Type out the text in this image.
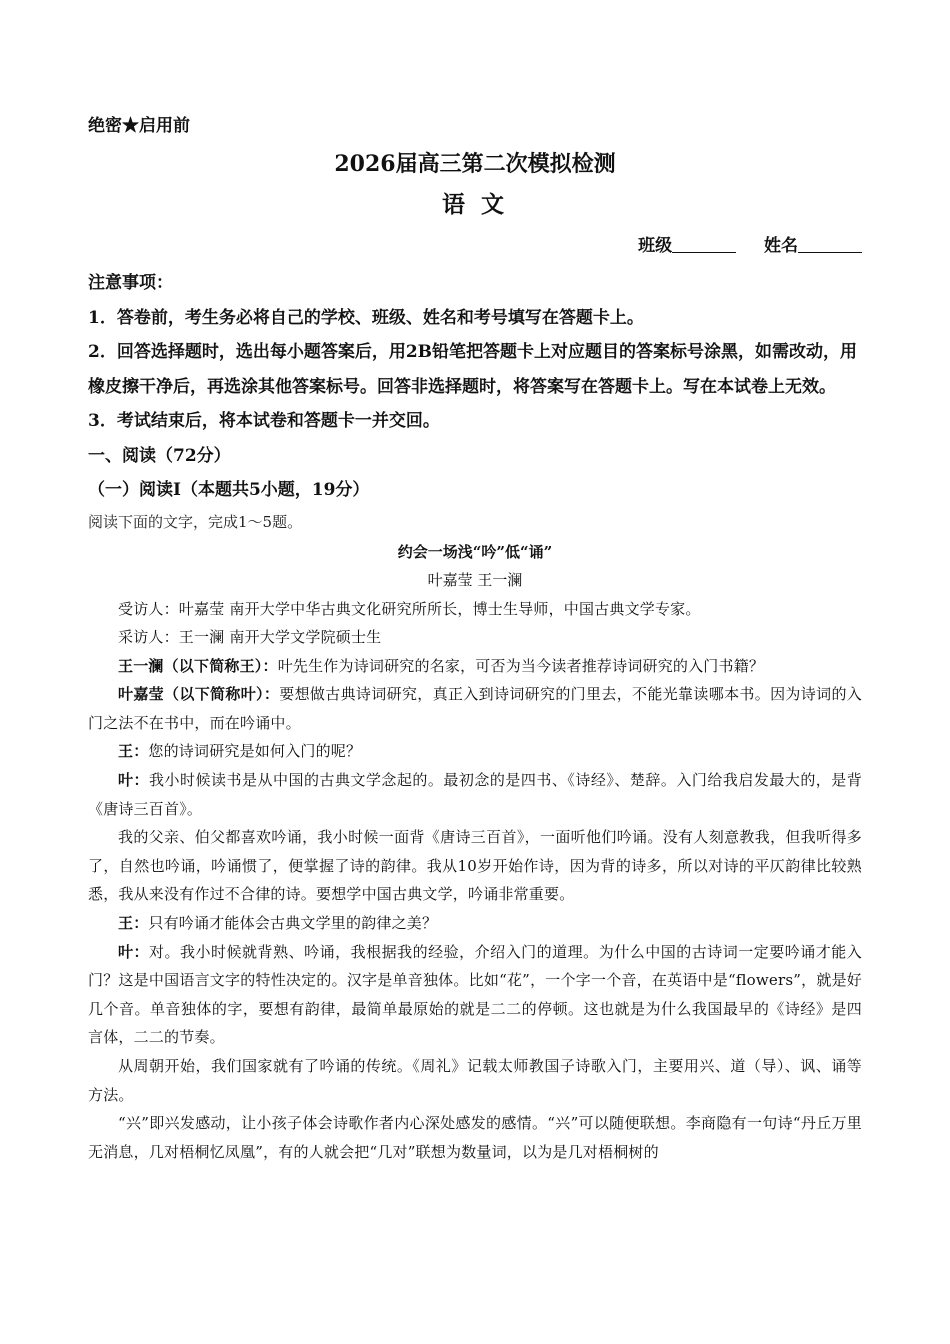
绝密★启用前
2026届高三第二次模拟检测
语 文
班级	姓名

注意事项：

1．答卷前，考生务必将自己的学校、班级、姓名和考号填写在答题卡上。

2．回答选择题时，选出每小题答案后，用2B铅笔把答题卡上对应题目的答案标号涂黑，如需改动，用橡皮擦干净后，再选涂其他答案标号。回答非选择题时，将答案写在答题卡上。写在本试卷上无效。

3．考试结束后，将本试卷和答题卡一并交回。

一、阅读（72分）

（一）阅读Ⅰ（本题共5小题，19分）

阅读下面的文字，完成1～5题。

约会一场浅“吟”低“诵”

叶嘉莹 王一澜

受访人：叶嘉莹 南开大学中华古典文化研究所所长，博士生导师，中国古典文学专家。

采访人：王一澜 南开大学文学院硕士生

王一澜（以下简称王）：叶先生作为诗词研究的名家，可否为当今读者推荐诗词研究的入门书籍？

叶嘉莹（以下简称叶）：要想做古典诗词研究，真正入到诗词研究的门里去，不能光靠读哪本书。因为诗词的入门之法不在书中，而在吟诵中。

王：您的诗词研究是如何入门的呢？

叶：我小时候读书是从中国的古典文学念起的。最初念的是四书、《诗经》、楚辞。入门给我启发最大的，是背《唐诗三百首》。

我的父亲、伯父都喜欢吟诵，我小时候一面背《唐诗三百首》，一面听他们吟诵。没有人刻意教我，但我听得多了，自然也吟诵，吟诵惯了，便掌握了诗的韵律。我从10岁开始作诗，因为背的诗多，所以对诗的平仄韵律比较熟悉，我从来没有作过不合律的诗。要想学中国古典文学，吟诵非常重要。

王：只有吟诵才能体会古典文学里的韵律之美？

叶：对。我小时候就背熟、吟诵，我根据我的经验，介绍入门的道理。为什么中国的古诗词一定要吟诵才能入门？这是中国语言文字的特性决定的。汉字是单音独体。比如“花”，一个字一个音，在英语中是“flowers”，就是好几个音。单音独体的字，要想有韵律，最简单最原始的就是二二的停顿。这也就是为什么我国最早的《诗经》是四言体，二二的节奏。

从周朝开始，我们国家就有了吟诵的传统。《周礼》记载太师教国子诗歌入门，主要用兴、道（导）、讽、诵等方法。

“兴”即兴发感动，让小孩子体会诗歌作者内心深处感发的感情。“兴”可以随便联想。李商隐有一句诗“丹丘万里无消息，几对梧桐忆凤凰”，有的人就会把“几对”联想为数量词，以为是几对梧桐树的
